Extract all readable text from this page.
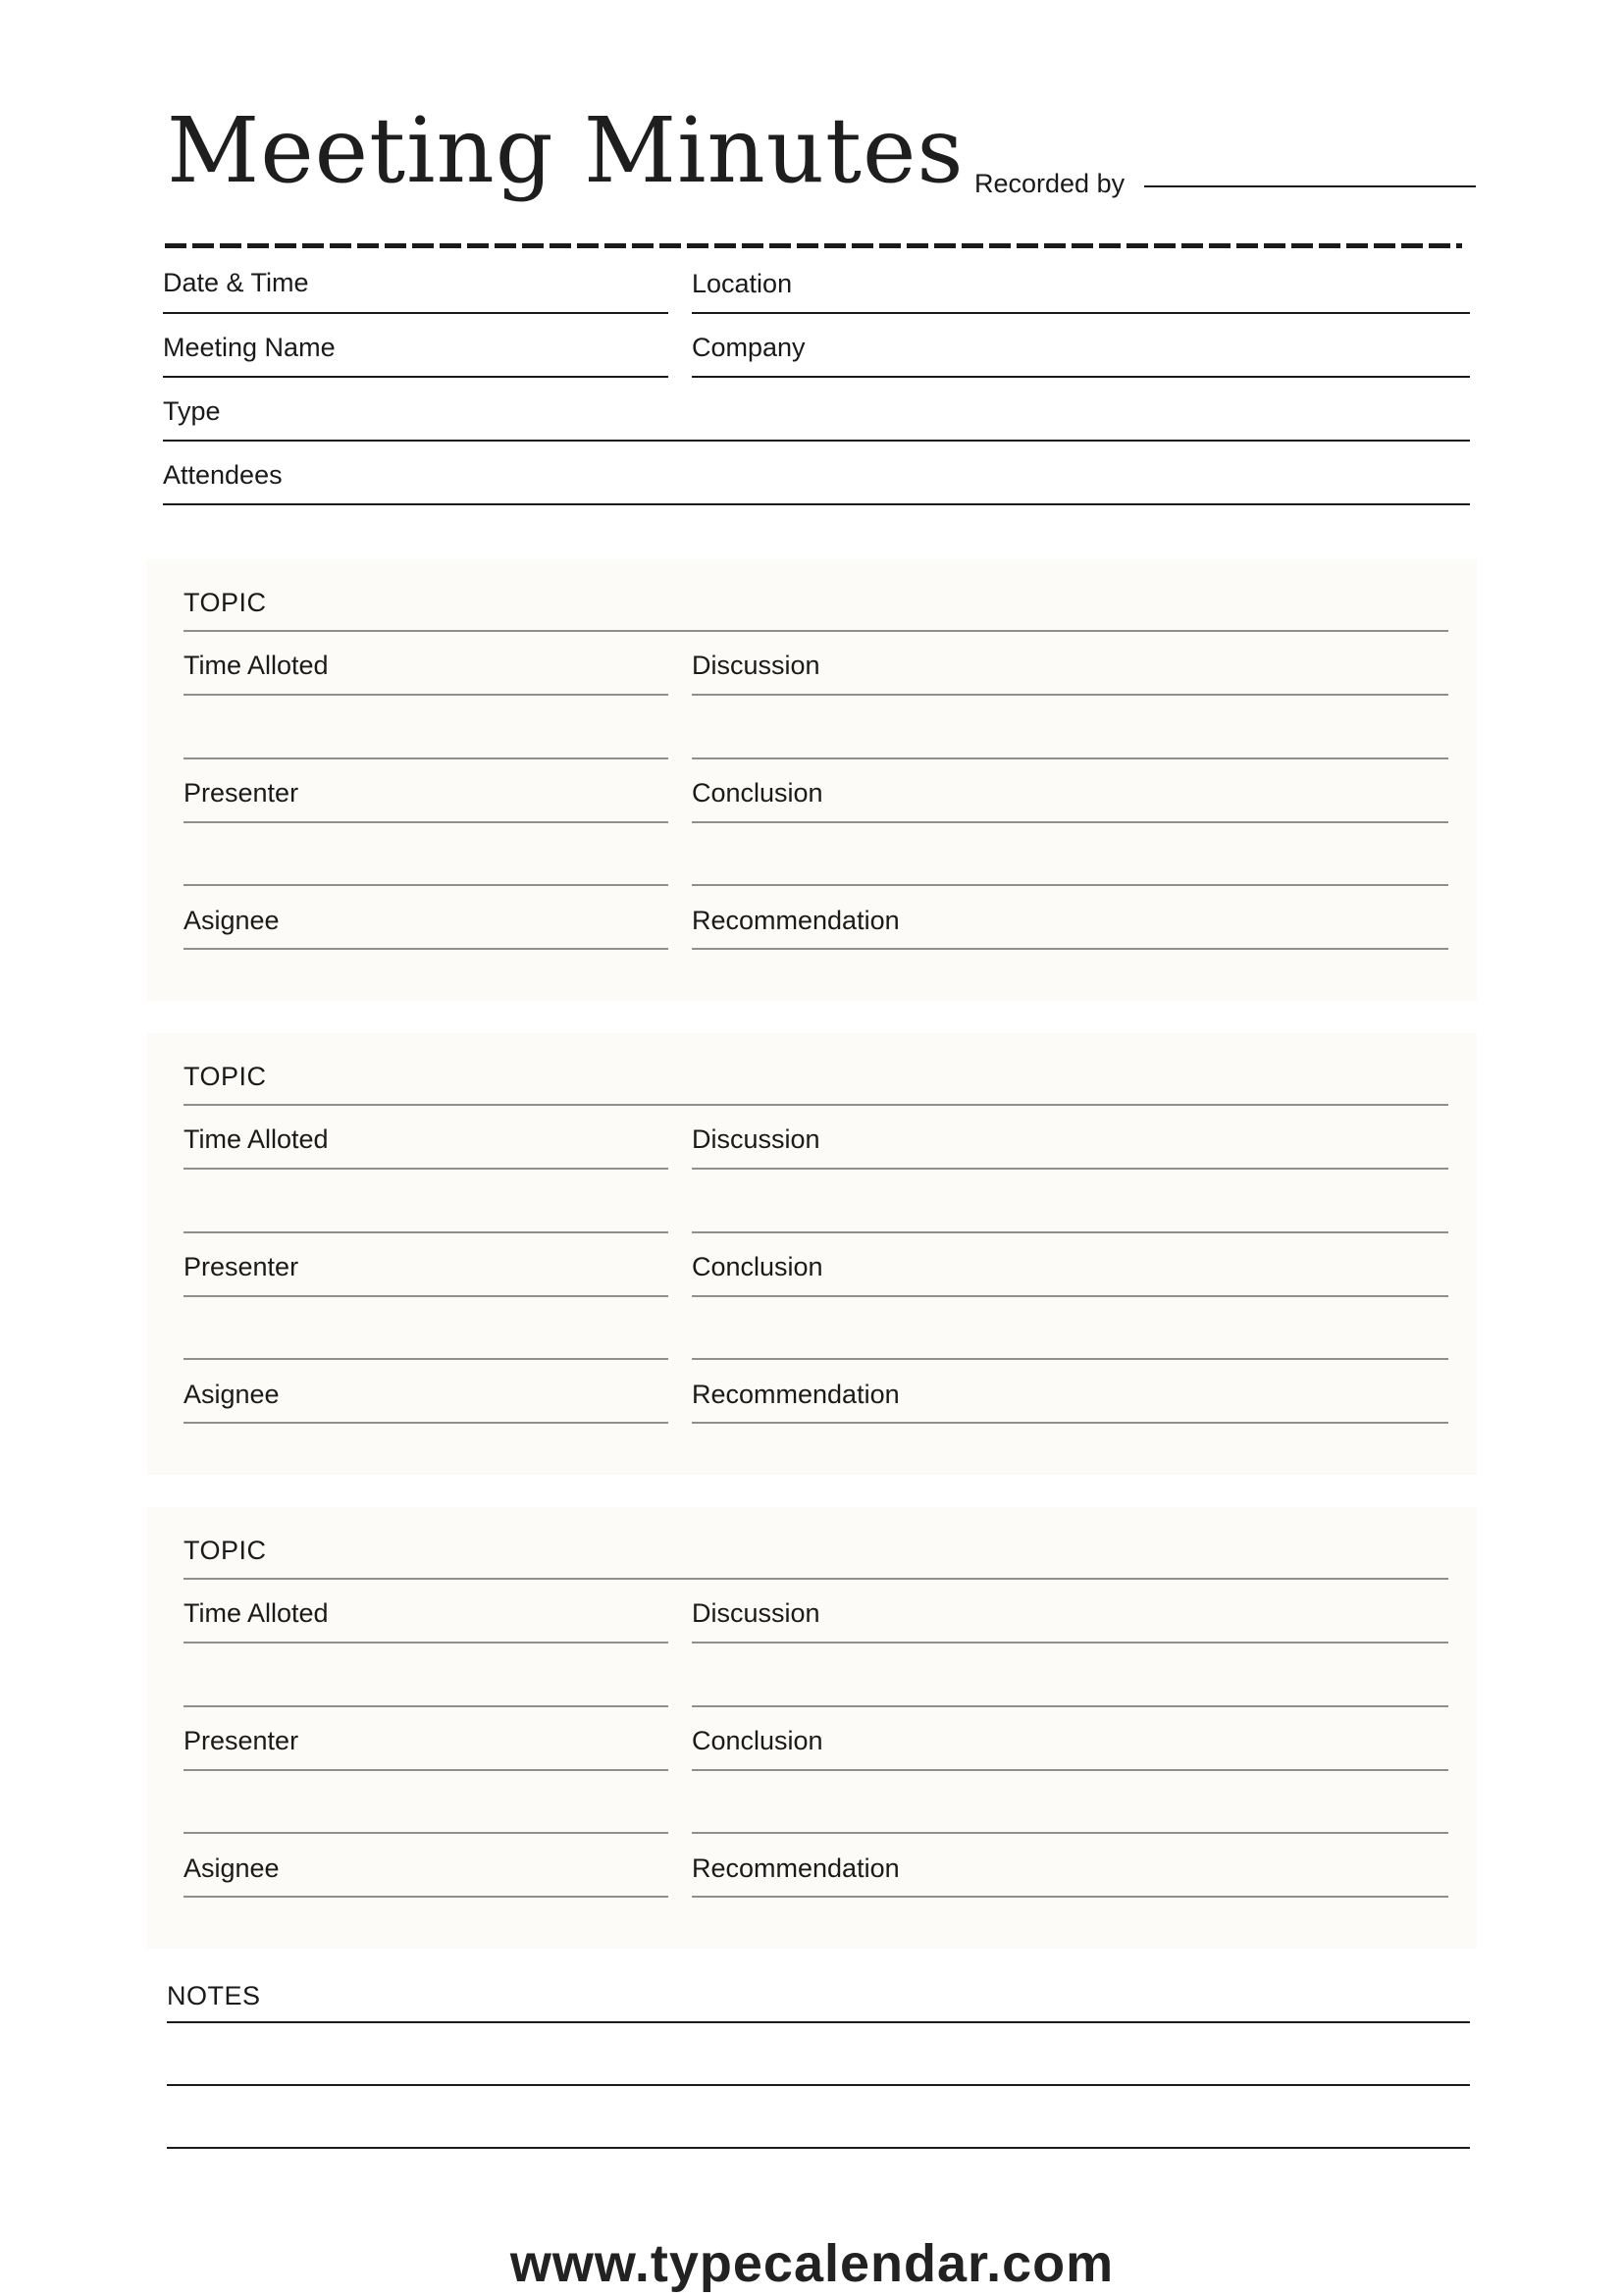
Meeting Minutes Recorded by
Date & Time	Location
Meeting Name	Company
Type
Attendees
TOPIC
Time Alloted	Discussion
Presenter	Conclusion
Asignee	Recommendation
TOPIC
Time Alloted	Discussion
Presenter	Conclusion
Asignee	Recommendation
TOPIC
Time Alloted	Discussion
Presenter	Conclusion
Asignee	Recommendation
NOTES
www.typecalendar.com
